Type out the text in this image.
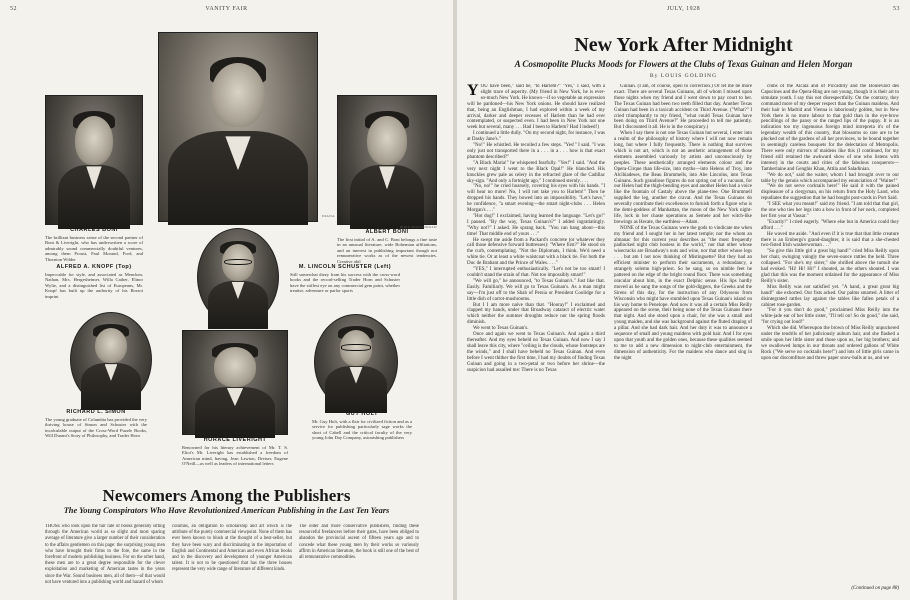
52	VANITY FAIR
CHARLES BONI
The brilliant business sense of the second partner of Boni & Liveright, who has underwritten a score of admirably sound commercially doubtful ventures, among them Proust, Paul Morand, Ford, and Thornton Wilder
DIANA
PIRIE MACDONALD
ALBERT BONI
The first initial of A. and C. Boni belongs a fine taste in an unusual literature, wide Bohemian affiliations, and an interest in publishing important though not remunerative works as of the newest tendencies. Creative abil
ALFRED A. KNOPF (Top)
Impeccable for style, and associated as Mencken, Nathan, Mrs. Hergesheimer, Willa Cather, Elinor Wylie, and a distinguished list of Europeans, Mr. Knopf has built up the authority of his Borzoi imprint
M. LINCOLN SCHUSTER (Left)
Still somewhat dizzy from his success with the cross-word books and the record-selling Trader Horn and Schuster have the stiffest eye on any commercial gem point, whether treatise, adventure or parlor sports
RICHARD L. SIMON
The young graduate of Columbia has provided the very thriving house of Simon and Schuster with the incalculable output of the Cross-Word Puzzle Books, Will Durant's Story of Philosophy, and Trader Horn
HORACE LIVERIGHT
Renowned for his literary achievement of Mr. T. S. Eliot's Mr. Liveright has established a freedom of American mind, having, Jean Lawton, Dreiser, Eugene O'Neill—as well as leaders of international letters
GUY HOLT
Mr. Guy Holt, with a flair for civilized fiction and as a service for publishing particularly sage works the short of Cabell and the critical faculty of the very young John Day Company, astonishing publishers
Newcomers Among the Publishers
The Young Conspirators Who Have Revolutionized American Publishing in the Last Ten Years
THOSE who look upon the fair rate of books generally sifting through the American world as so slight and most sparing average of literature give a larger number of their consideration to the affairs gentlemen on this page: the surprising young men who have brought their firms to the fore, the same in the forefront of modern publishing business. For on the other hand, these men are to a great degree responsible for the clever exploitation and marketing of American tastes in the years since the War. Sound business men, all of them—of that would not have ventured into a publishing world and hazard of whom
columns, an obligation to scholarship and art which is the attribute of the purely commercial viewpoint. None of them has ever been known to blush at the thought of a best-seller, but they have been wary and discriminating in the importation of English and Continental and American and even African books and in the discovery and development of younger American talent. It is not to be questioned that has the three houses represent the very wide range of literature of different kinds.
The older and more conservative publishers, finding these resourceful freelancers before their gates, have been obliged to abandon the provincial ascent of fifteen years ago and to concede what these young men by their works so variously affirm in American literature, the book is still one of the best of all remunerative commodities.
JULY, 1928	53
New York After Midnight
A Cosmopolite Plucks Moods for Flowers at the Clubs of Texas Guinan and Helen Morgan
By LOUIS GOLDING

YOU have been," said he, "to Harlem?" "Yes," I said, with a slight trace of asperity. (My friend in New York, he is ever-so-much New York. He knows—if so vegetable an expression will be pardoned—his New York onions. He should have realized that, being an Englishman, I had explored within a week of my arrival, darker and deeper recesses of Harlem than he had ever contemplated, or suspected even. I had been in New York not one week but several, many . . . Had I been to Harlem? Had I indeed!)

I continued a little dully. "On my second night, for instance, I was at Dasky Jane's."

"No!" He whistled. He recoiled a few steps. "Yes!" I said. "I was only just not transported there in a . . . in a . . . how is that exact phantom described?"

"A Black Maria!" he whispered fearfully. "Yes!" I said. "And the very next night I went to the Black Opal!" He blanched. His knuckles grew pale as celery in the refracted glare of the Cadillac sky-sign. "And only a fortnight ago," I continued sternly. . . .

"No, no!" he cried hoarsely, covering his eyes with his hands. "I will hear no more! No, I will not take you to Harlem!" Then he dropped his hands. They bowed into an impossibility. "Let's have," he confidence, "a smart evening—the smart night-clubs . . . Helen Morgan's . . ."

"Hot dog!" I exclaimed, having learned the language. "Let's go!" I paused. "By the way, Texas Guinan's?" I added ingratiatingly. "Why not?" I asked. He sprang back. "You can hang about—this time! That middle end of yours . . ."

He swept me aside from a Packard's concrete (or whatever they call those defensive forward buttresses): "Where first?" He stood on the curb, contemplating. "Not the Diplomats, I think. We'd need a white tie. Or at least a white waistcoat with a black tie. For both the Duc de Brabant and the Prince of Wales. . . ."

"YES," I interrupted enthusiastically. "Let's not be too smart! I couldn't stand the strain of that. Not too impossibly smart!"

"We will go," he announced, "to Texas Guinan's." Just like that. Easily. Familiarly. We will go to Texas Guinan's. As a man might say—I'm just off to the Shah of Persia or President Coolidge for a little dish of carrot-mushrooms.

But I I am more naive than that. "Hooray!" I exclaimed and clapped my hands, under that Broadway cataract of electric water which neither the summer droughts reduce nor the spring floods diminish.

We went to Texas Guinan's.

Once and again we went to Texas Guinan's. And again a third thereafter. And my eyes beheld no Texas Guinan. And now I say I shall leave this city, where "ceiling is the clouds, whose footsteps are the winds," and I shall have beheld no Texas Guinan. And even before I went thither the first time, I had my doubts of finding Texas Guinan and going in a two-petal or two before her shrine—the suspicion had assailed me: There is no Texas

Guinan. (I am, of course, open to correction.) Or let me be more exact. There are several Texas Guinans, all of whom I missed upon those nights when my friend and I went down to pay court to her. The Texas Guinan had been two teeth filled that day. Another Texas Guinan had been in a taxicab accident on Third Avenue. ("What?" I cried triumphantly to my friend, "what could Texas Guinan have been doing on Third Avenue?" He proceeded to tell me patiently. But I discounted it all. He is in the conspiracy.)

When I say there is not one Texas Guinan but several, I enter into a realm of the philosophy of history where I will not now remain long, but where I fully frequently. There is nothing that survives which is not art, which is not an aesthetic arrangement of those elements assembled variously by artists and unconsciously by peoples. These aesthetically arranged elements colour and the Opera-Cirque than life-size, into myths—into Helens of Troy, into Alcibiadeses, the Beau Brummells, into Abe Lincolns, into Texas Guinans. Such grandiose figures do not spring out of a vacuum, for our Helen had the thigh-bending eyes and another Helen had a voice like the fountain of Castaly above the plane-tree. One Brummell supplied the leg, another the cravat. And the Texas Guinans do severally contribute their excellences to furnish forth a figure who is the demi-goddess of Manhattan, the moon of the New York night-life, lock in her chaste operations as Semele and her witch-like brewings as Hecate, the earthless—Adam.

NONE of the Texas Guinans were the gods to vindicate me when my friend and I sought her in her latest temple; nor the whom an almanac for this current year describes as "the most frequently padlocked night club hostess in the world," nor that other whose wisecracks are Broadway's nuts and wine, nor that other whose legs . . . but am I not now thinking of Mistinguette? But they had an efficient minister to perform their sacraments, a redundancy, a strangely solemn high-priest. So he sang, so on nimble feet he pattered on the edge of the bright round floor. There was something oracular about him, in the exact Delphic sense. His lips hardly moved as he sang the songs of the gold-diggers, the Greeks and the Sirens of this day, for the instruction of any Odysseus from Wisconsin who might have stumbled upon Texas Guinan's island on his way home to Penelope. And now it was all a certain Miss Reilly appeared on the scene, their being none of the Texas Guinans there that night. And she stood upon a chair, for she was a small and young maiden, and she was background against the fluted draping of a pillar. And she had dark hair. And her duty it was to announce a sequence of small and young maidens with gold hair. And I for eyes upon that youth and the golden ones, because these qualities seemed to me to add a new dimension to night-club entertainment, the dimension of authenticity. For the maidens who dance and sing in the night

clubs of the Alcala and of Piccadilly and the Boulevard des Capucines and the Opera-Ring are not young, though it is their art to simulate youth. I say this not disrespectfully. On the contrary, they command more of my deeper respect than the Guinan maidens. And their hair in Madrid and Vienna is laboriously golden, but in New York there is no more labour to that gold than in the eye-brow pencillings of the pansy or the ranged lips of the puppy. It is an indication too my ingenuous foreign mind intrepreta it's of the legendary wealth of this country, that blossoms so rare are to be plucked out of the gardens of all her provinces, to be bound together in seemingly careless bouquets for the delectation of Metropolis. There were only mirrors of maidens like this (I continued, for my friend still retained the awkward show of one who listens with interest) in the courts and cities of the fabulous conquerors—Tamberlaine and Genghis Khan, Attila and Saladinian.

"We do not," said the waiter, whom I had brought over to our table by the genuis which accompanied my enunciation of "Waiter!"

"We do not serve cocktails here!" He said it with the pained displeasure of a clergyman, on his return from the Holy Land, who repudiates the suggestion that he had bought post-cards in Port Said.

"I SEE what you meant!" said my friend. "I am told that that girl, the one who ties her legs into a bow in front of her neck, completed her first year at Vassar."

"Exactly!" I cried eagerly. "Where else but in America could they afford . . ."

He waved me aside. "And even if it is true that that little creature there is an Ernbergs's grand-daughter, it is said that a she-chested two-fisted Irish washerwoman . . ."

"So give this little girl a great big hand!" cried Miss Reilly upon her chair, swinging vaingly the seven-ounce rattles the held. Three collapsed. "For she's my sister," she shrilled above the tumult she had evoked. "Hi! Hi! Hi!" I shouted, as the others shouted. I was glad that this was the moment ordained for the appearance of Miss Reilly's sister.

Miss Reilly was not satisfied yet. "A hand, a great great big hand!" she exhorted. Our fists acked. Our palms smarted. A litter of disintegrated rattles lay against the tables like fallen petals of a cabinet rose-garden.

"For it you don't do good," proclaimed Miss Reilly into the white-jade ear of her little sister, "I'll tell on! So do good," she said, "for crying out loud!"

Which she did. Whereupon the brown of Miss Reilly unpuckered under the tendrils of her judiciously auburn hair, and she flashed a smile upon her little sister and those upon us, her big brothers; and we swallowed lumps in our throats and ordered gallons of White Rock ("We serve no cocktails here!") and lots of little girls came in upon our discomfiture and threw paper snow-balls at us, and we

(Continued on page 88)
